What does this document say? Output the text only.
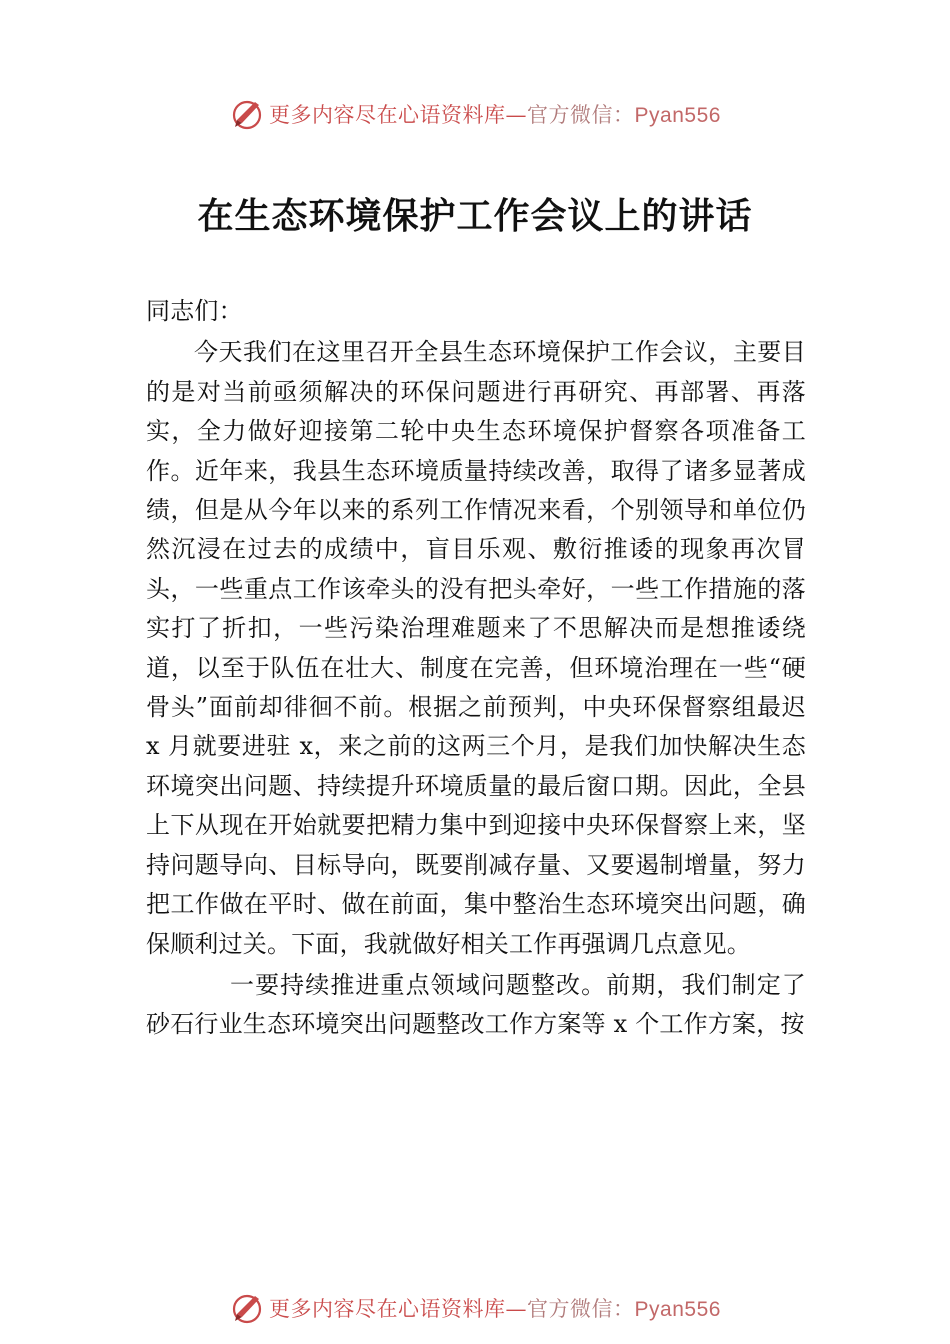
更多内容尽在心语资料库—官方微信：Pyan556
在生态环境保护工作会议上的讲话

同志们：

今天我们在这里召开全县生态环境保护工作会议，主要目的是对当前亟须解决的环保问题进行再研究、再部署、再落实，全力做好迎接第二轮中央生态环境保护督察各项准备工作。近年来，我县生态环境质量持续改善，取得了诸多显著成绩，但是从今年以来的系列工作情况来看，个别领导和单位仍然沉浸在过去的成绩中，盲目乐观、敷衍推诿的现象再次冒头，一些重点工作该牵头的没有把头牵好，一些工作措施的落实打了折扣，一些污染治理难题来了不思解决而是想推诿绕道，以至于队伍在壮大、制度在完善，但环境治理在一些“硬骨头”面前却徘徊不前。根据之前预判，中央环保督察组最迟 x 月就要进驻 x，来之前的这两三个月，是我们加快解决生态环境突出问题、持续提升环境质量的最后窗口期。因此，全县上下从现在开始就要把精力集中到迎接中央环保督察上来，坚持问题导向、目标导向，既要削减存量、又要遏制增量，努力把工作做在平时、做在前面，集中整治生态环境突出问题，确保顺利过关。下面，我就做好相关工作再强调几点意见。

一要持续推进重点领域问题整改。前期，我们制定了砂石行业生态环境突出问题整改工作方案等 x 个工作方案，按

更多内容尽在心语资料库—官方微信：Pyan556
